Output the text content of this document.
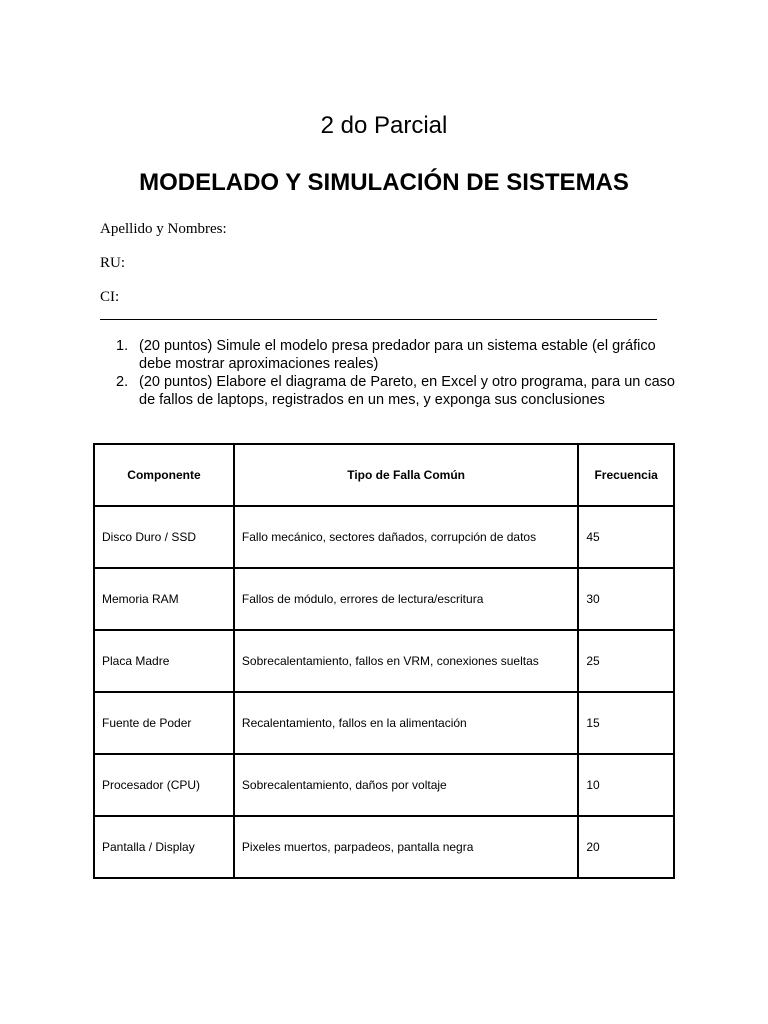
2 do Parcial
MODELADO Y SIMULACIÓN DE SISTEMAS
Apellido y Nombres:
RU:
CI:
1. (20 puntos) Simule el modelo presa predador para un sistema estable (el gráfico
debe mostrar aproximaciones reales)
2. (20 puntos) Elabore el diagrama de Pareto, en Excel y otro programa, para un caso
de fallos de laptops, registrados en un mes, y exponga sus conclusiones
Componente	Tipo de Falla Común	Frecuencia
Disco Duro / SSD	Fallo mecánico, sectores dañados, corrupción de datos	45
Memoria RAM	Fallos de módulo, errores de lectura/escritura	30
Placa Madre	Sobrecalentamiento, fallos en VRM, conexiones sueltas	25
Fuente de Poder	Recalentamiento, fallos en la alimentación	15
Procesador (CPU)	Sobrecalentamiento, daños por voltaje	10
Pantalla / Display	Pixeles muertos, parpadeos, pantalla negra	20
